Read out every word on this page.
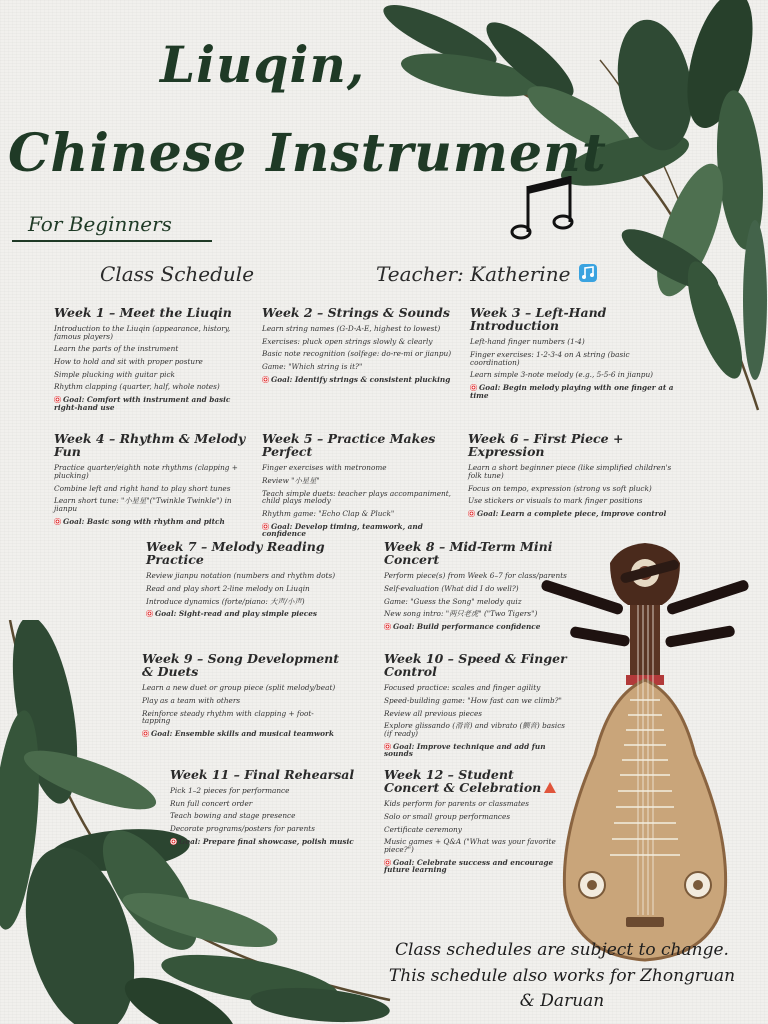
Liuqin,
Chinese Instrument
For Beginners
Class Schedule	Teacher: Katherine
Week 1 – Meet the Liuqin
Introduction to the Liuqin (appearance, history, famous players)
Learn the parts of the instrument
How to hold and sit with proper posture
Simple plucking with guitar pick
Rhythm clapping (quarter, half, whole notes)
Goal: Comfort with instrument and basic right-hand use
Week 2 – Strings & Sounds
Learn string names (G-D-A-E, highest to lowest)
Exercises: pluck open strings slowly & clearly
Basic note recognition (solfege: do-re-mi or jianpu)
Game: "Which string is it?"
Goal: Identify strings & consistent plucking
Week 3 – Left-Hand Introduction
Left-hand finger numbers (1-4)
Finger exercises: 1-2-3-4 on A string (basic coordination)
Learn simple 3-note melody (e.g., 5-5-6 in jianpu)
Goal: Begin melody playing with one finger at a time
Week 4 – Rhythm & Melody Fun
Practice quarter/eighth note rhythms (clapping + plucking)
Combine left and right hand to play short tunes
Learn short tune: "小星星"("Twinkle Twinkle") in jianpu
Goal: Basic song with rhythm and pitch
Week 5 – Practice Makes Perfect
Finger exercises with metronome
Review "小星星"
Teach simple duets: teacher plays accompaniment, child plays melody
Rhythm game: "Echo Clap & Pluck"
Goal: Develop timing, teamwork, and confidence
Week 6 – First Piece + Expression
Learn a short beginner piece (like simplified children's folk tune)
Focus on tempo, expression (strong vs soft pluck)
Use stickers or visuals to mark finger positions
Goal: Learn a complete piece, improve control
Week 7 – Melody Reading Practice
Review jianpu notation (numbers and rhythm dots)
Read and play short 2-line melody on Liuqin
Introduce dynamics (forte/piano: 大声/小声)
Goal: Sight-read and play simple pieces
Week 8 – Mid-Term Mini Concert
Perform piece(s) from Week 6–7 for class/parents
Self-evaluation (What did I do well?)
Game: "Guess the Song" melody quiz
New song intro: "两只老虎" ("Two Tigers")
Goal: Build performance confidence
Week 9 – Song Development & Duets
Learn a new duet or group piece (split melody/beat)
Play as a team with others
Reinforce steady rhythm with clapping + foot-tapping
Goal: Ensemble skills and musical teamwork
Week 10 – Speed & Finger Control
Focused practice: scales and finger agility
Speed-building game: "How fast can we climb?"
Review all previous pieces
Explore glissando (滑音) and vibrato (颤音) basics (if ready)
Goal: Improve technique and add fun sounds
Week 11 – Final Rehearsal
Pick 1–2 pieces for performance
Run full concert order
Teach bowing and stage presence
Decorate programs/posters for parents
Goal: Prepare final showcase, polish music
Week 12 – Student Concert & Celebration
Kids perform for parents or classmates
Solo or small group performances
Certificate ceremony
Music games + Q&A ("What was your favorite piece?")
Goal: Celebrate success and encourage future learning
Class schedules are subject to change.
This schedule also works for Zhongruan
& Daruan
